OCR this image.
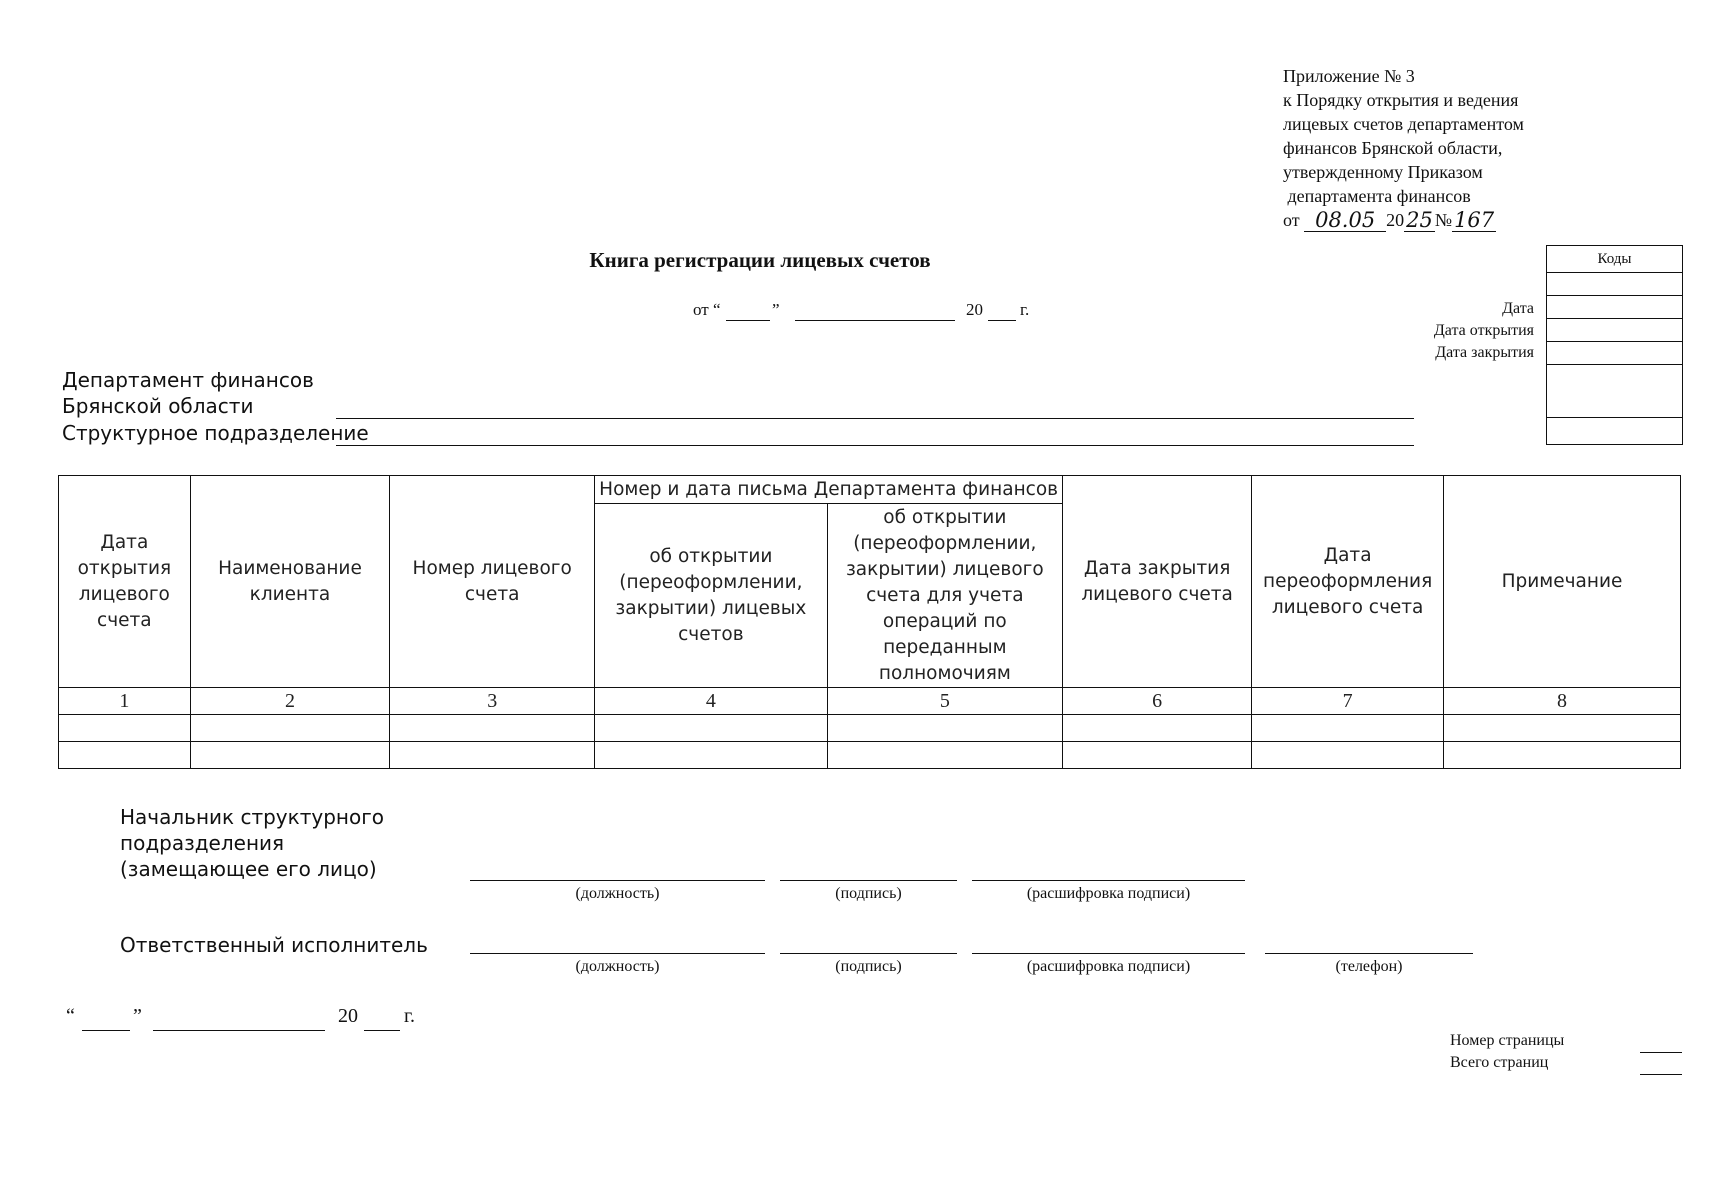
Приложение № 3
к Порядку открытия и ведения
лицевых счетов департаментом
финансов Брянской области,
утвержденному Приказом
департамента финансов
от
08.05 20 25 № 167
Книга регистрации лицевых счетов
от “	”	20 г.
Коды
Дата
Дата открытия
Дата закрытия
Департамент финансов
Брянской области
Структурное подразделение
Дата открытия лицевого счета	Наименование клиента	Номер лицевого счета	Номер и дата письма Департамента финансов		Дата закрытия лицевого счета	Дата переоформления лицевого счета	Примечание
			об открытии (переоформлении, закрытии) лицевых счетов	об открытии (переоформлении, закрытии) лицевого счета для учета операций по переданным полномочиям			
1	2	3	4	5	6	7	8

Начальник структурного
подразделения
(замещающее его лицо)
(должность)	(подпись)	(расшифровка подписи)
Ответственный исполнитель
(должность)	(подпись)	(расшифровка подписи)	(телефон)
“	”	20 г.
Номер страницы
Всего страниц
